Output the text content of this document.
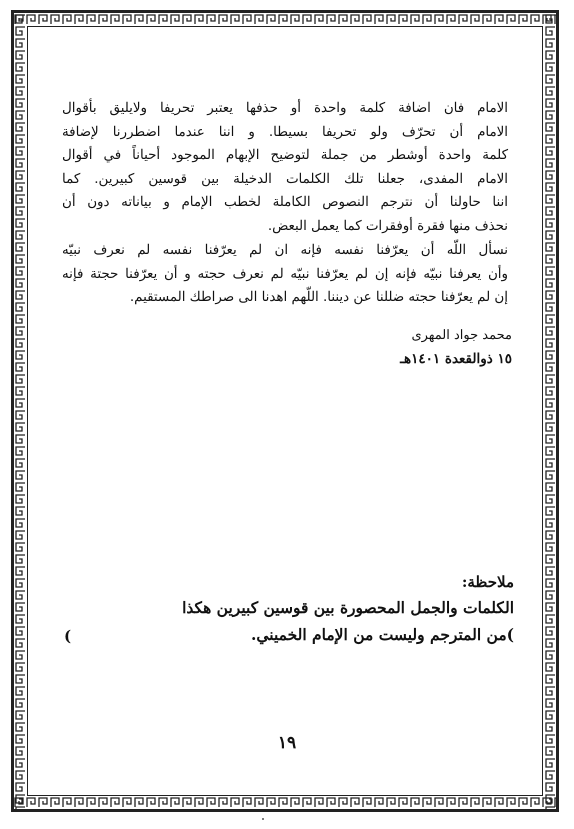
الامام فان اضافة كلمة واحدة أو حذفها يعتبر تحريفا ولايليق بأقوال
الامام أن تحرّف ولو تحريفا بسيطا. و اننا عندما اضطررنا لإضافة
كلمة واحدة أوشطر من جملة لتوضيح الإبهام الموجود أحياناً في أقوال
الامام المفدى، جعلنا تلك الكلمات الدخيلة بين قوسين كبيرين. كما
اننا حاولنا أن نترجم النصوص الكاملة لخطب الإمام و بياناته دون أن
نحذف منها فقرة أوفقرات كما يعمل البعض.
نسأل اللّه أن يعرّفنا نفسه فإنه ان لم يعرّفنا نفسه لم نعرف نبيّه
وأن يعرفنا نبيّه فإنه إن لم يعرّفنا نبيّه لم نعرف حجته و أن يعرّفنا حجتة فإنه
إن لم يعرّفنا حجته ضللنا عن ديننا. اللّهم اهدنا الى صراطك المستقيم.
محمد جواد المهرى
١٥ ذوالقعدة ١٤٠١هـ
ملاحظة:
الكلمات والجمل المحصورة بين قوسين كبيرين هكذا
)من المترجم وليست من الإمام الخميني.
(
١٩
